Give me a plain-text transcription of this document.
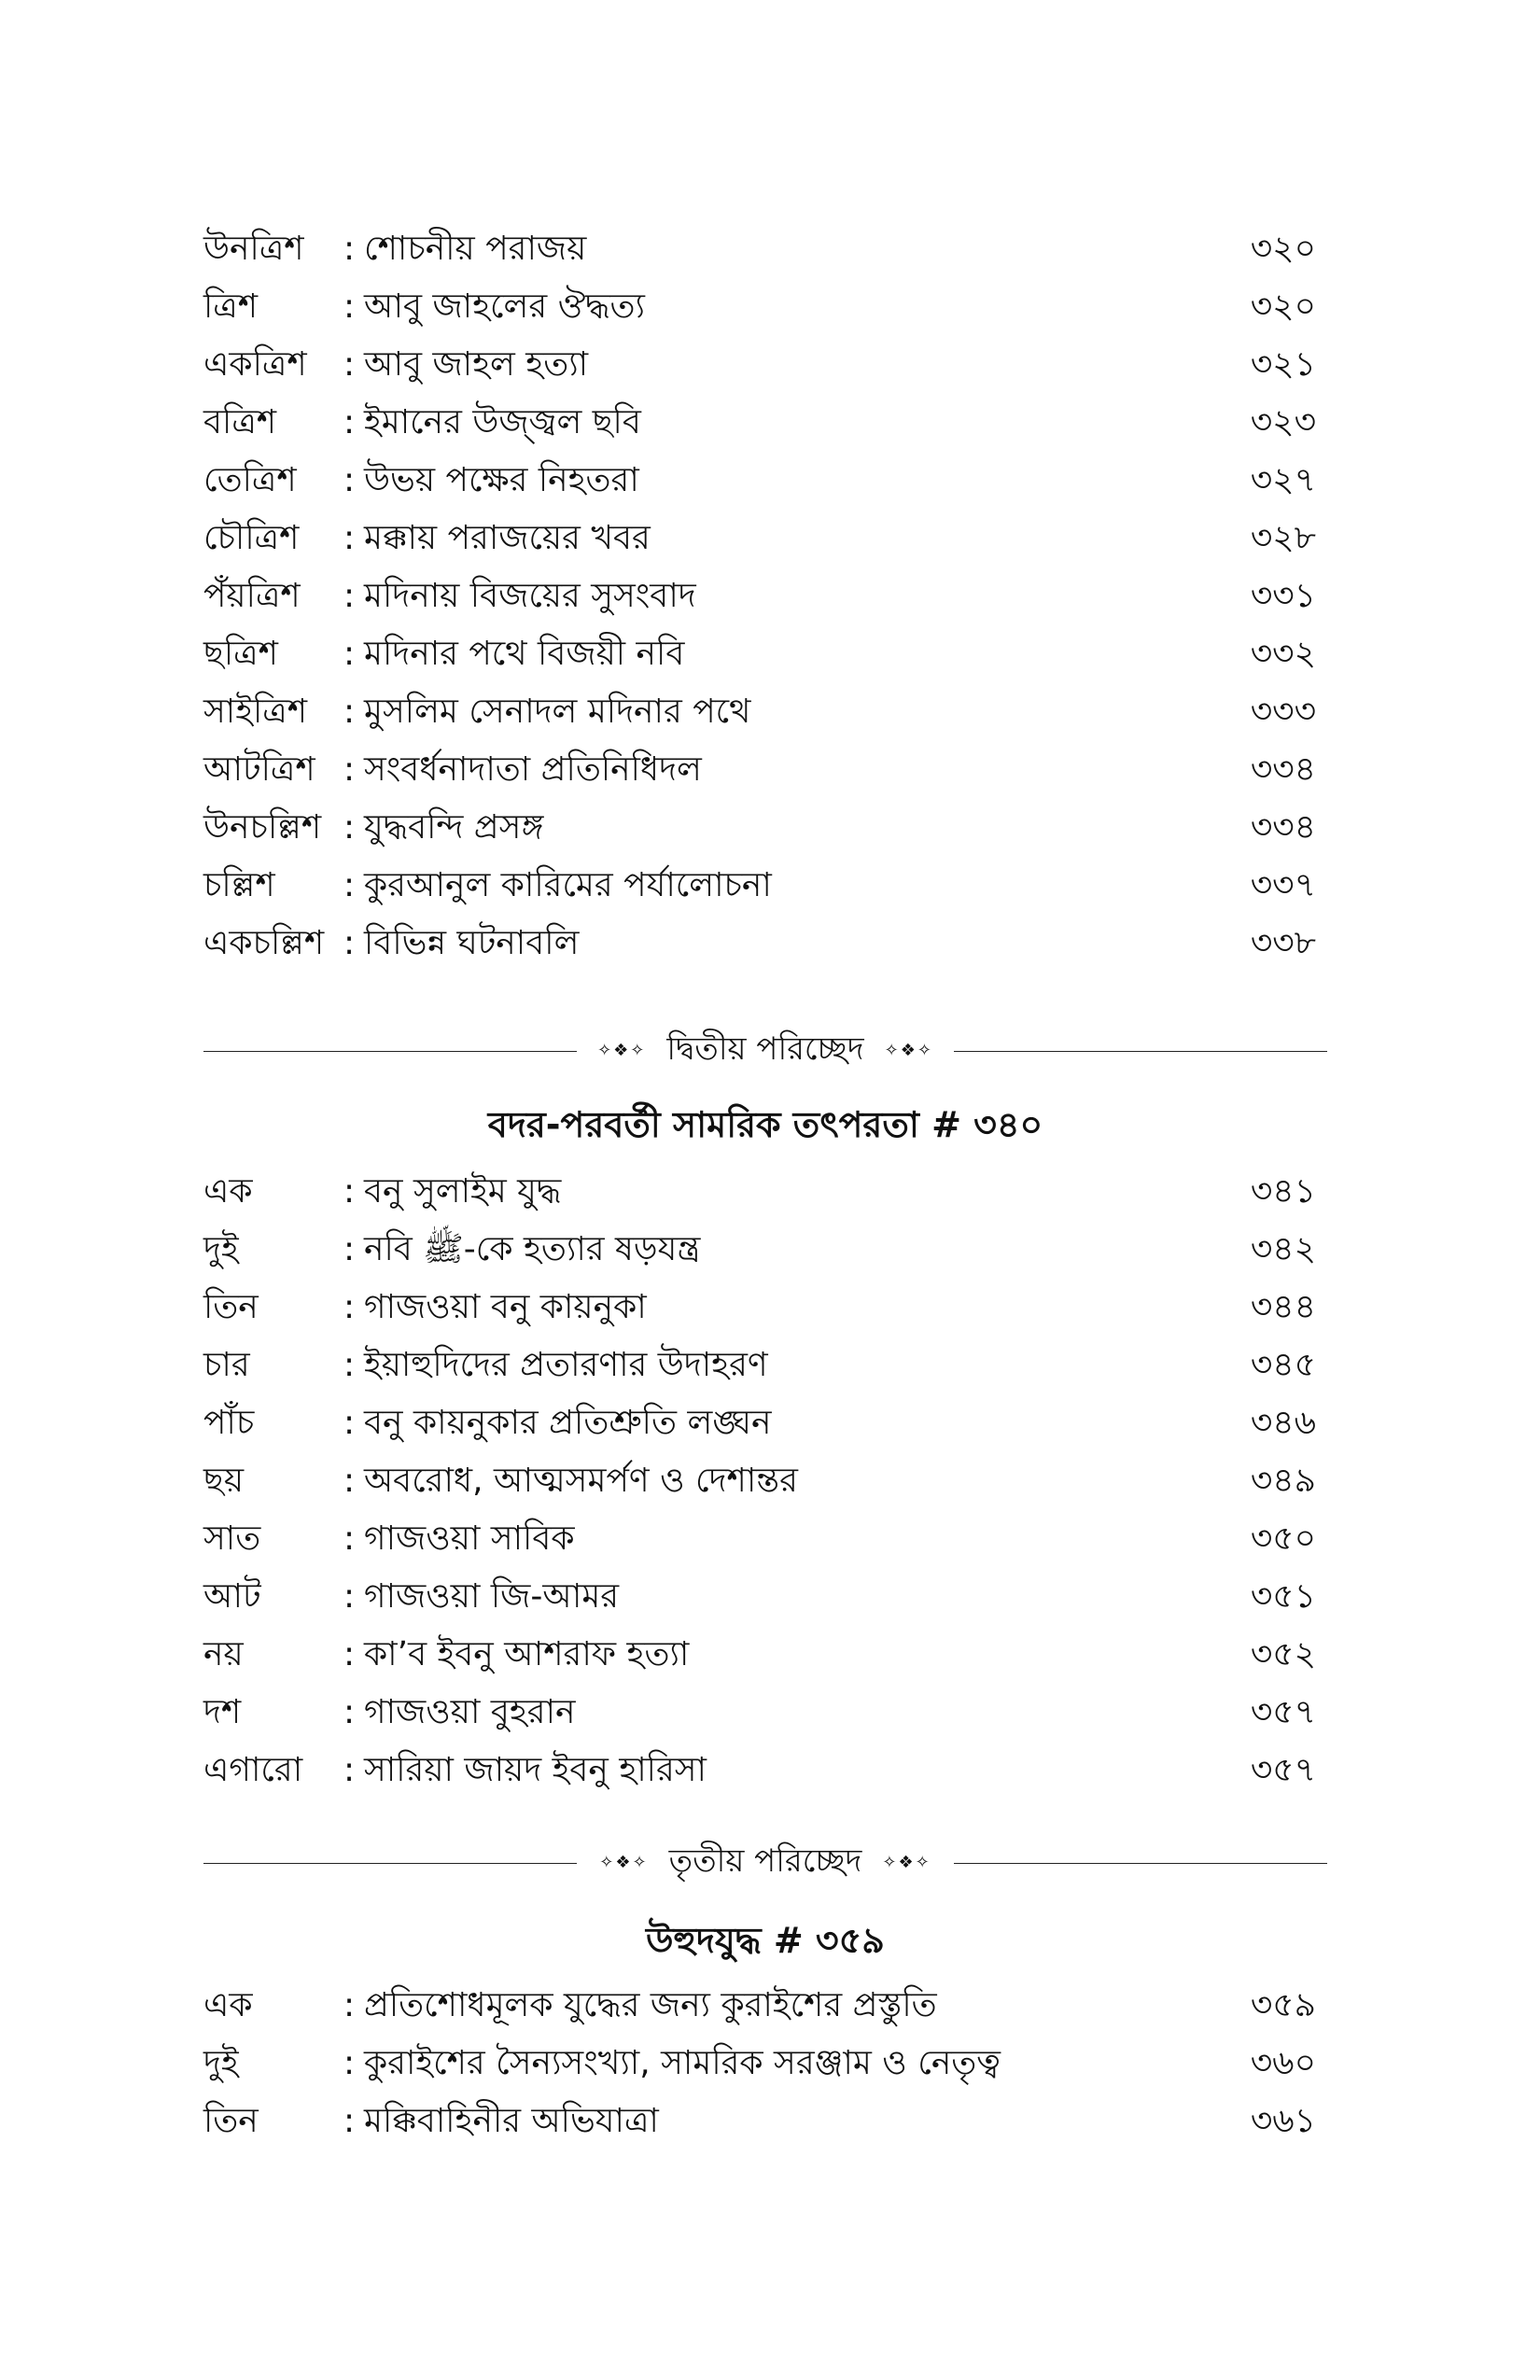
উনত্রিশ : শোচনীয় পরাজয়	৩২০
ত্রিশ	: আবু জাহলের ঔদ্ধত্য	৩২০
একত্রিশ : আবু জাহল হত্যা	৩২১
বত্রিশ : ইমানের উজ্জ্বল ছবি	৩২৩
তেত্রিশ : উভয় পক্ষের নিহতরা	৩২৭
চৌত্রিশ : মক্কায় পরাজয়ের খবর	৩২৮
পঁয়ত্রিশ : মদিনায় বিজয়ের সুসংবাদ	৩৩১
ছত্রিশ : মদিনার পথে বিজয়ী নবি	৩৩২
সাইত্রিশ : মুসলিম সেনাদল মদিনার পথে	৩৩৩
আটত্রিশ : সংবর্ধনাদাতা প্রতিনিধিদল	৩৩৪
উনচল্লিশ : যুদ্ধবন্দি প্রসঙ্গ	৩৩৪
চল্লিশ : কুরআনুল কারিমের পর্যালোচনা	৩৩৭
একচল্লিশ : বিভিন্ন ঘটনাবলি	৩৩৮
✧❖✧ দ্বিতীয় পরিচ্ছেদ ✧❖✧
বদর-পরবর্তী সামরিক তৎপরতা # ৩৪০
এক	: বনু সুলাইম যুদ্ধ	৩৪১
দুই	: নবি ﷺ-কে হত্যার ষড়যন্ত্র	৩৪২
তিন	: গাজওয়া বনু কায়নুকা	৩৪৪
চার	: ইয়াহুদিদের প্রতারণার উদাহরণ	৩৪৫
পাঁচ	: বনু কায়নুকার প্রতিশ্রুতি লঙ্ঘন	৩৪৬
ছয়	: অবরোধ, আত্মসমর্পণ ও দেশান্তর	৩৪৯
সাত : গাজওয়া সাবিক	৩৫০
আট : গাজওয়া জি-আমর	৩৫১
নয়	: কা’ব ইবনু আশরাফ হত্যা	৩৫২
দশ	: গাজওয়া বুহরান	৩৫৭
এগারো : সারিয়া জায়দ ইবনু হারিসা	৩৫৭
✧❖✧ তৃতীয় পরিচ্ছেদ ✧❖✧
উহুদযুদ্ধ # ৩৫৯
এক	: প্রতিশোধমূলক যুদ্ধের জন্য কুরাইশের প্রস্তুতি	৩৫৯
দুই	: কুরাইশের সৈন্যসংখ্যা, সামরিক সরঞ্জাম ও নেতৃত্ব	৩৬০
তিন	: মক্কিবাহিনীর অভিযাত্রা	৩৬১
